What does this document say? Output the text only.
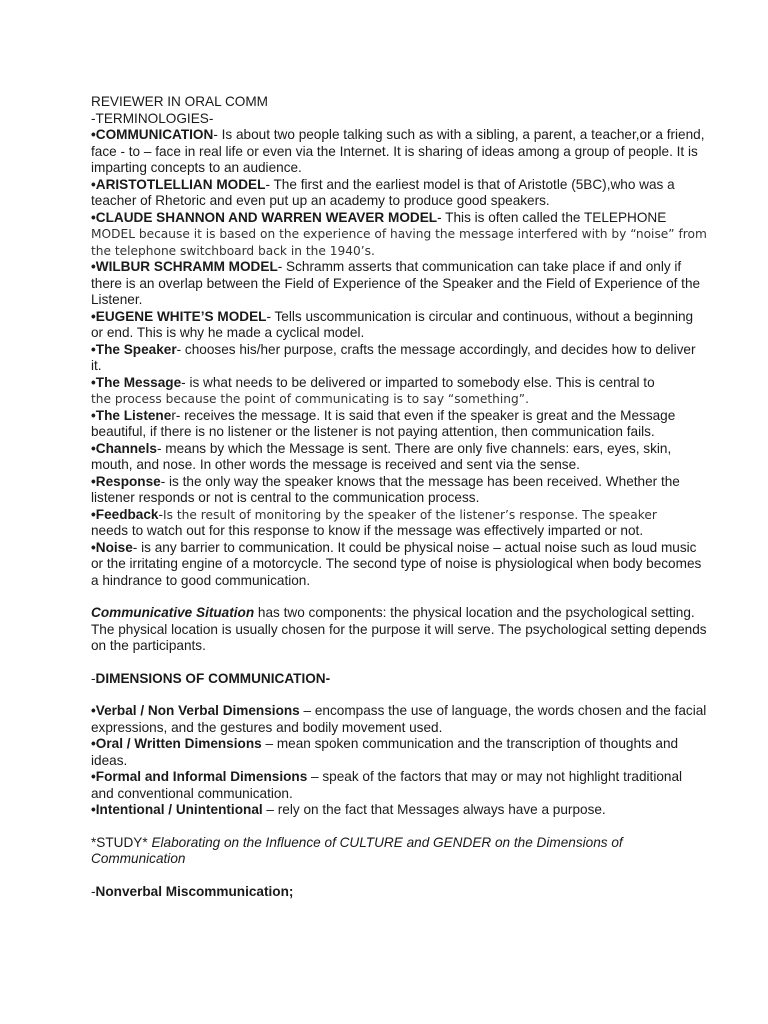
REVIEWER IN ORAL COMM

-TERMINOLOGIES-

•COMMUNICATION- Is about two people talking such as with a sibling, a parent, a teacher,or a friend, face - to – face in real life or even via the Internet. It is sharing of ideas among a group of people. It is imparting concepts to an audience.

•ARISTOTLELLIAN MODEL- The first and the earliest model is that of Aristotle (5BC),who was a teacher of Rhetoric and even put up an academy to produce good speakers.

•CLAUDE SHANNON AND WARREN WEAVER MODEL- This is often called the TELEPHONE
MODEL because it is based on the experience of having the message interfered with by “noise” from the telephone switchboard back in the 1940’s.

•WILBUR SCHRAMM MODEL- Schramm asserts that communication can take place if and only if there is an overlap between the Field of Experience of the Speaker and the Field of Experience of the Listener.

•EUGENE WHITE’S MODEL- Tells uscommunication is circular and continuous, without a beginning or end. This is why he made a cyclical model.

•The Speaker- chooses his/her purpose, crafts the message accordingly, and decides how to deliver it.

•The Message- is what needs to be delivered or imparted to somebody else. This is central to
the process because the point of communicating is to say “something”.

•The Listener- receives the message. It is said that even if the speaker is great and the Message beautiful, if there is no listener or the listener is not paying attention, then communication fails.

•Channels- means by which the Message is sent. There are only five channels: ears, eyes, skin, mouth, and nose. In other words the message is received and sent via the sense.

•Response- is the only way the speaker knows that the message has been received. Whether the listener responds or not is central to the communication process.

•Feedback-Is the result of monitoring by the speaker of the listener’s response. The speaker
needs to watch out for this response to know if the message was effectively imparted or not.

•Noise- is any barrier to communication. It could be physical noise – actual noise such as loud music or the irritating engine of a motorcycle. The second type of noise is physiological when body becomes a hindrance to good communication.

Communicative Situation has two components: the physical location and the psychological setting. The physical location is usually chosen for the purpose it will serve. The psychological setting depends on the participants.

-DIMENSIONS OF COMMUNICATION-

•Verbal / Non Verbal Dimensions – encompass the use of language, the words chosen and the facial expressions, and the gestures and bodily movement used.

•Oral / Written Dimensions – mean spoken communication and the transcription of thoughts and ideas.

•Formal and Informal Dimensions – speak of the factors that may or may not highlight traditional and conventional communication.

•Intentional / Unintentional – rely on the fact that Messages always have a purpose.

*STUDY* Elaborating on the Influence of CULTURE and GENDER on the Dimensions of Communication

-Nonverbal Miscommunication;
